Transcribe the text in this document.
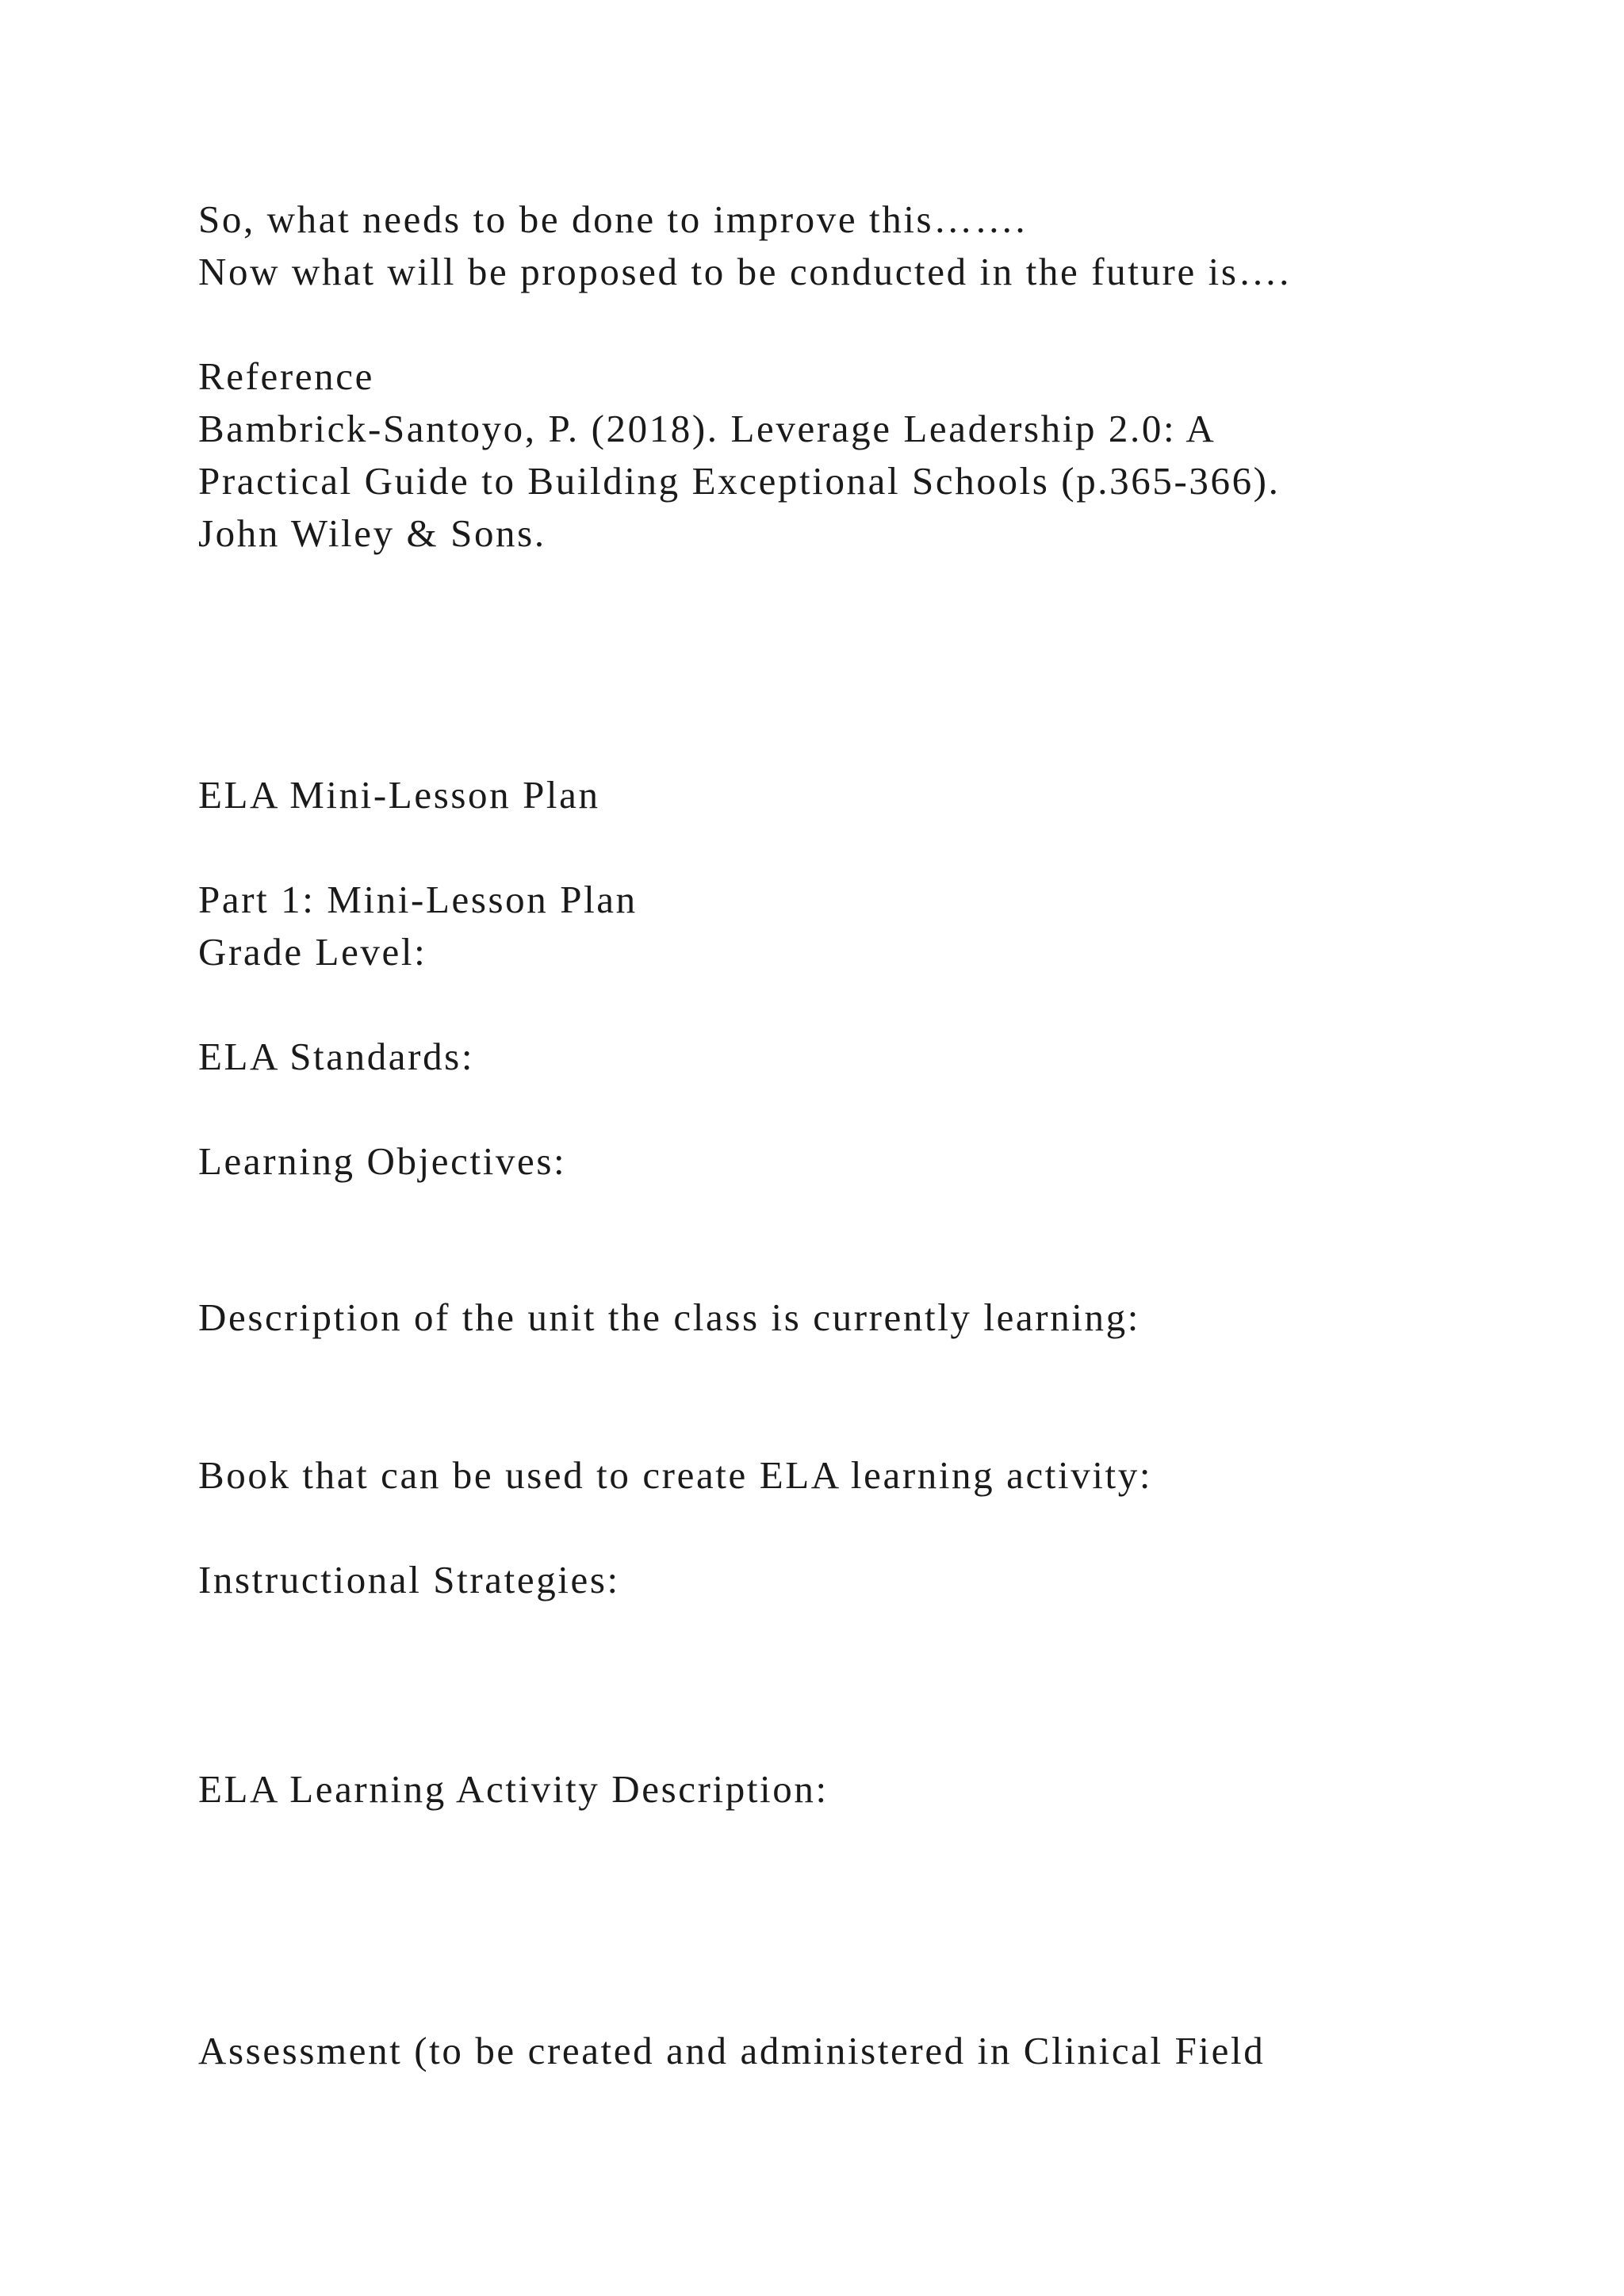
So, what needs to be done to improve this…….

Now what will be proposed to be conducted in the future is….

Reference

Bambrick-Santoyo, P. (2018). Leverage Leadership 2.0: A

Practical Guide to Building Exceptional Schools (p.365-366).

John Wiley & Sons.

ELA Mini-Lesson Plan

Part 1: Mini-Lesson Plan

Grade Level:

ELA Standards:

Learning Objectives:

Description of the unit the class is currently learning:

Book that can be used to create ELA learning activity:

Instructional Strategies:

ELA Learning Activity Description:

Assessment (to be created and administered in Clinical Field
